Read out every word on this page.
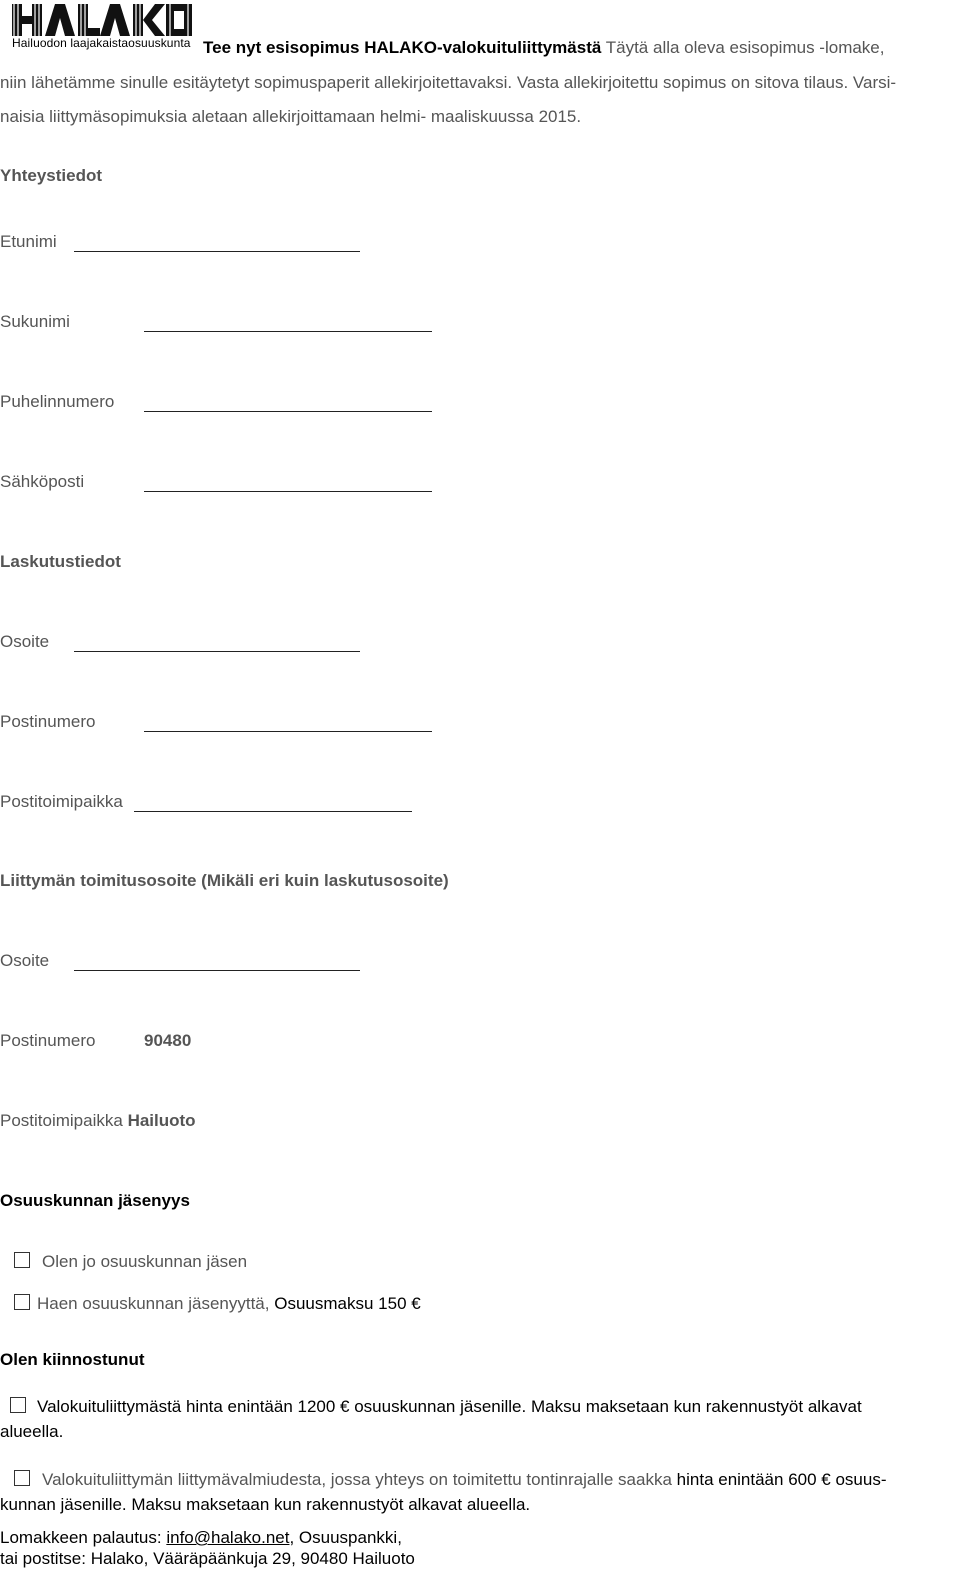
Hailuodon laajakaistaosuuskunta Tee nyt esisopimus HALAKO-valokuituliittymästä Täytä alla oleva esisopimus -lomake,
niin lähetämme sinulle esitäytetyt sopimuspaperit allekirjoitettavaksi. Vasta allekirjoitettu sopimus on sitova tilaus. Varsi-
naisia liittymäsopimuksia aletaan allekirjoittamaan helmi- maaliskuussa 2015.
Yhteystiedot
Etunimi
Sukunimi
Puhelinnumero
Sähköposti
Laskutustiedot
Osoite
Postinumero
Postitoimipaikka
Liittymän toimitusosoite (Mikäli eri kuin laskutusosoite)
Osoite
Postinumero	90480
Postitoimipaikka Hailuoto
Osuuskunnan jäsenyys
Olen jo osuuskunnan jäsen
Haen osuuskunnan jäsenyyttä, Osuusmaksu 150 €
Olen kiinnostunut
Valokuituliittymästä hinta enintään 1200 € osuuskunnan jäsenille. Maksu maksetaan kun rakennustyöt alkavat
alueella.
Valokuituliittymän liittymävalmiudesta, jossa yhteys on toimitettu tontinrajalle saakka hinta enintään 600 € osuus-
kunnan jäsenille. Maksu maksetaan kun rakennustyöt alkavat alueella.
Lomakkeen palautus: info@halako.net, Osuuspankki,
tai postitse: Halako, Vääräpäänkuja 29, 90480 Hailuoto
